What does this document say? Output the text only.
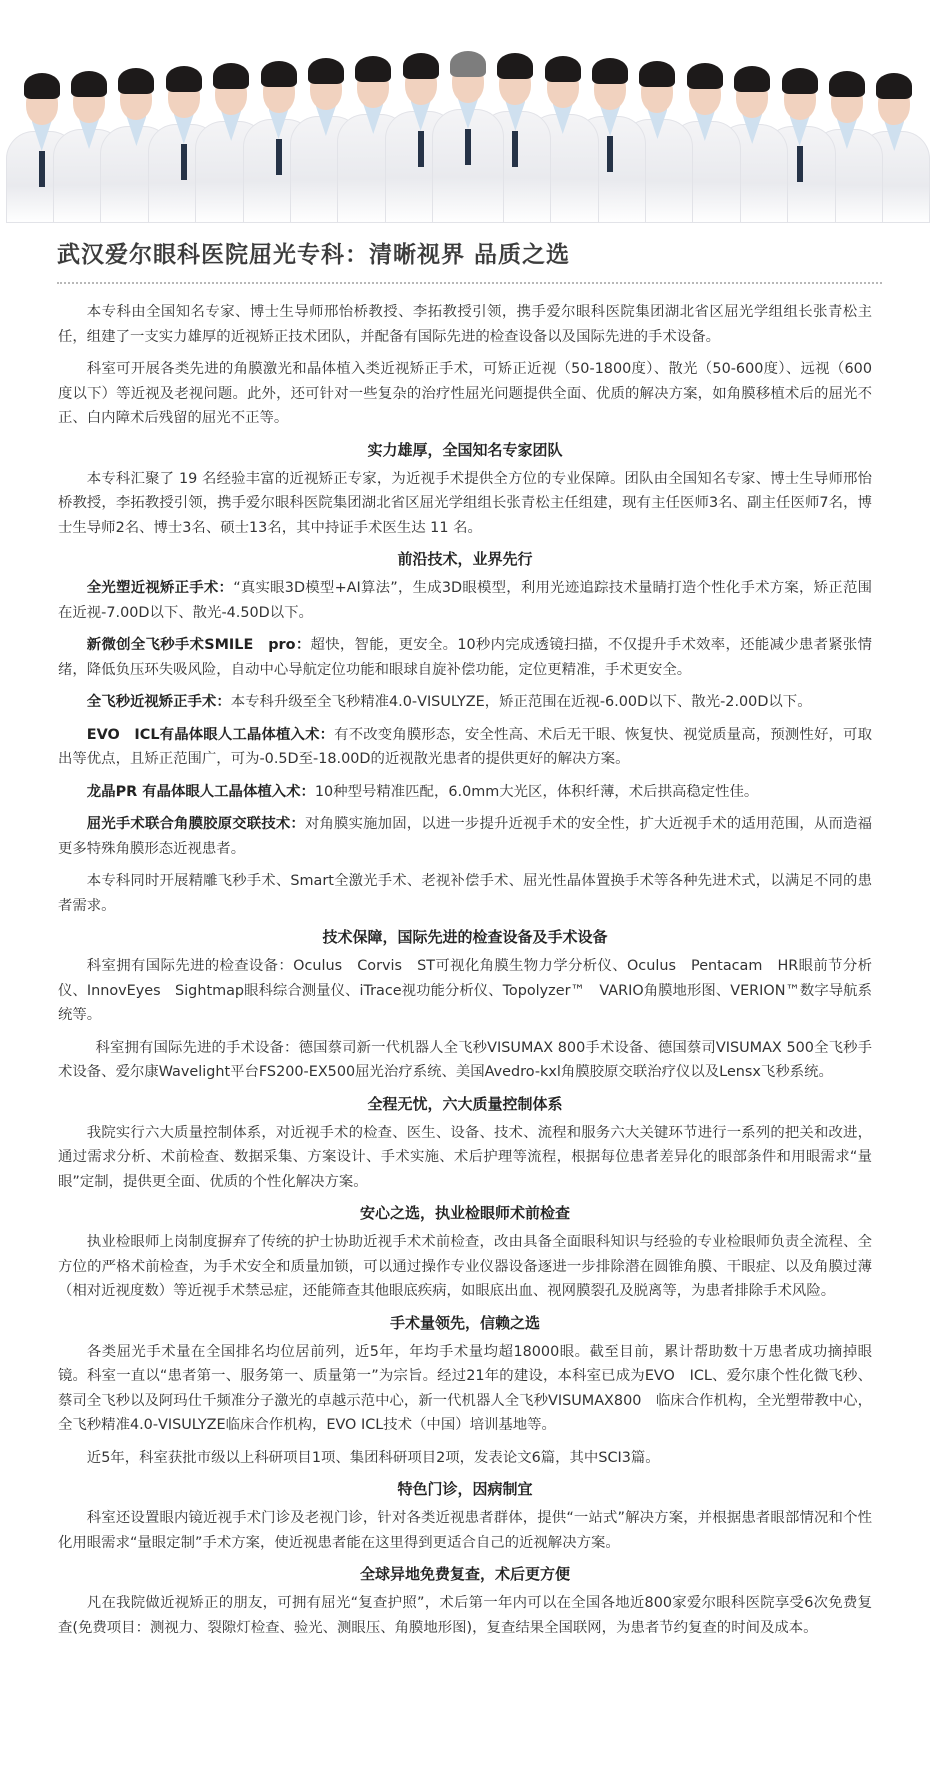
武汉爱尔眼科医院屈光专科：清晰视界 品质之选

本专科由全国知名专家、博士生导师邢怡桥教授、李拓教授引领，携手爱尔眼科医院集团湖北省区屈光学组组长张青松主任，组建了一支实力雄厚的近视矫正技术团队，并配备有国际先进的检查设备以及国际先进的手术设备。

科室可开展各类先进的角膜激光和晶体植入类近视矫正手术，可矫正近视（50-1800度）、散光（50-600度）、远视（600度以下）等近视及老视问题。此外，还可针对一些复杂的治疗性屈光问题提供全面、优质的解决方案，如角膜移植术后的屈光不正、白内障术后残留的屈光不正等。

实力雄厚，全国知名专家团队

本专科汇聚了 19 名经验丰富的近视矫正专家，为近视手术提供全方位的专业保障。团队由全国知名专家、博士生导师邢怡桥教授，李拓教授引领，携手爱尔眼科医院集团湖北省区屈光学组组长张青松主任组建，现有主任医师3名、副主任医师7名，博士生导师2名、博士3名、硕士13名，其中持证手术医生达 11 名。

前沿技术，业界先行

全光塑近视矫正手术：“真实眼3D模型+AI算法”，生成3D眼模型，利用光迹追踪技术量睛打造个性化手术方案，矫正范围在近视-7.00D以下、散光-4.50D以下。

新微创全飞秒手术SMILE　pro：超快，智能，更安全。10秒内完成透镜扫描，不仅提升手术效率，还能减少患者紧张情绪，降低负压环失吸风险，自动中心导航定位功能和眼球自旋补偿功能，定位更精准，手术更安全。

全飞秒近视矫正手术：本专科升级至全飞秒精准4.0-VISULYZE，矫正范围在近视-6.00D以下、散光-2.00D以下。

EVO　ICL有晶体眼人工晶体植入术：有不改变角膜形态，安全性高、术后无干眼、恢复快、视觉质量高，预测性好，可取出等优点，且矫正范围广，可为-0.5D至-18.00D的近视散光患者的提供更好的解决方案。

龙晶PR 有晶体眼人工晶体植入术：10种型号精准匹配，6.0mm大光区，体积纤薄，术后拱高稳定性佳。

屈光手术联合角膜胶原交联技术：对角膜实施加固，以进一步提升近视手术的安全性，扩大近视手术的适用范围，从而造福更多特殊角膜形态近视患者。

本专科同时开展精雕飞秒手术、Smart全激光手术、老视补偿手术、屈光性晶体置换手术等各种先进术式，以满足不同的患者需求。

技术保障，国际先进的检查设备及手术设备

科室拥有国际先进的检查设备：Oculus　Corvis　ST可视化角膜生物力学分析仪、Oculus　Pentacam　HR眼前节分析仪、InnovEyes　Sightmap眼科综合测量仪、iTrace视功能分析仪、Topolyzer™　VARIO角膜地形图、VERION™数字导航系统等。

科室拥有国际先进的手术设备：德国蔡司新一代机器人全飞秒VISUMAX 800手术设备、德国蔡司VISUMAX 500全飞秒手术设备、爱尔康Wavelight平台FS200-EX500屈光治疗系统、美国Avedro-kxl角膜胶原交联治疗仪以及Lensx飞秒系统。

全程无忧，六大质量控制体系

我院实行六大质量控制体系，对近视手术的检查、医生、设备、技术、流程和服务六大关键环节进行一系列的把关和改进，通过需求分析、术前检查、数据采集、方案设计、手术实施、术后护理等流程，根据每位患者差异化的眼部条件和用眼需求“量眼”定制，提供更全面、优质的个性化解决方案。

安心之选，执业检眼师术前检查

执业检眼师上岗制度摒弃了传统的护士协助近视手术术前检查，改由具备全面眼科知识与经验的专业检眼师负责全流程、全方位的严格术前检查，为手术安全和质量加锁，可以通过操作专业仪器设备逐进一步排除潜在圆锥角膜、干眼症、以及角膜过薄（相对近视度数）等近视手术禁忌症，还能筛查其他眼底疾病，如眼底出血、视网膜裂孔及脱离等，为患者排除手术风险。

手术量领先，信赖之选

各类屈光手术量在全国排名均位居前列，近5年，年均手术量均超18000眼。截至目前，累计帮助数十万患者成功摘掉眼镜。科室一直以“患者第一、服务第一、质量第一”为宗旨。经过21年的建设，本科室已成为EVO　ICL、爱尔康个性化微飞秒、蔡司全飞秒以及阿玛仕千频准分子激光的卓越示范中心，新一代机器人全飞秒VISUMAX800　临床合作机构，全光塑带教中心，全飞秒精准4.0-VISULYZE临床合作机构，EVO ICL技术（中国）培训基地等。

近5年，科室获批市级以上科研项目1项、集团科研项目2项，发表论文6篇，其中SCI3篇。

特色门诊，因病制宜

科室还设置眼内镜近视手术门诊及老视门诊，针对各类近视患者群体，提供“一站式”解决方案，并根据患者眼部情况和个性化用眼需求“量眼定制”手术方案，使近视患者能在这里得到更适合自己的近视解决方案。

全球异地免费复查，术后更方便

凡在我院做近视矫正的朋友，可拥有屈光“复查护照”，术后第一年内可以在全国各地近800家爱尔眼科医院享受6次免费复查(免费项目：测视力、裂隙灯检查、验光、测眼压、角膜地形图)，复查结果全国联网，为患者节约复查的时间及成本。
